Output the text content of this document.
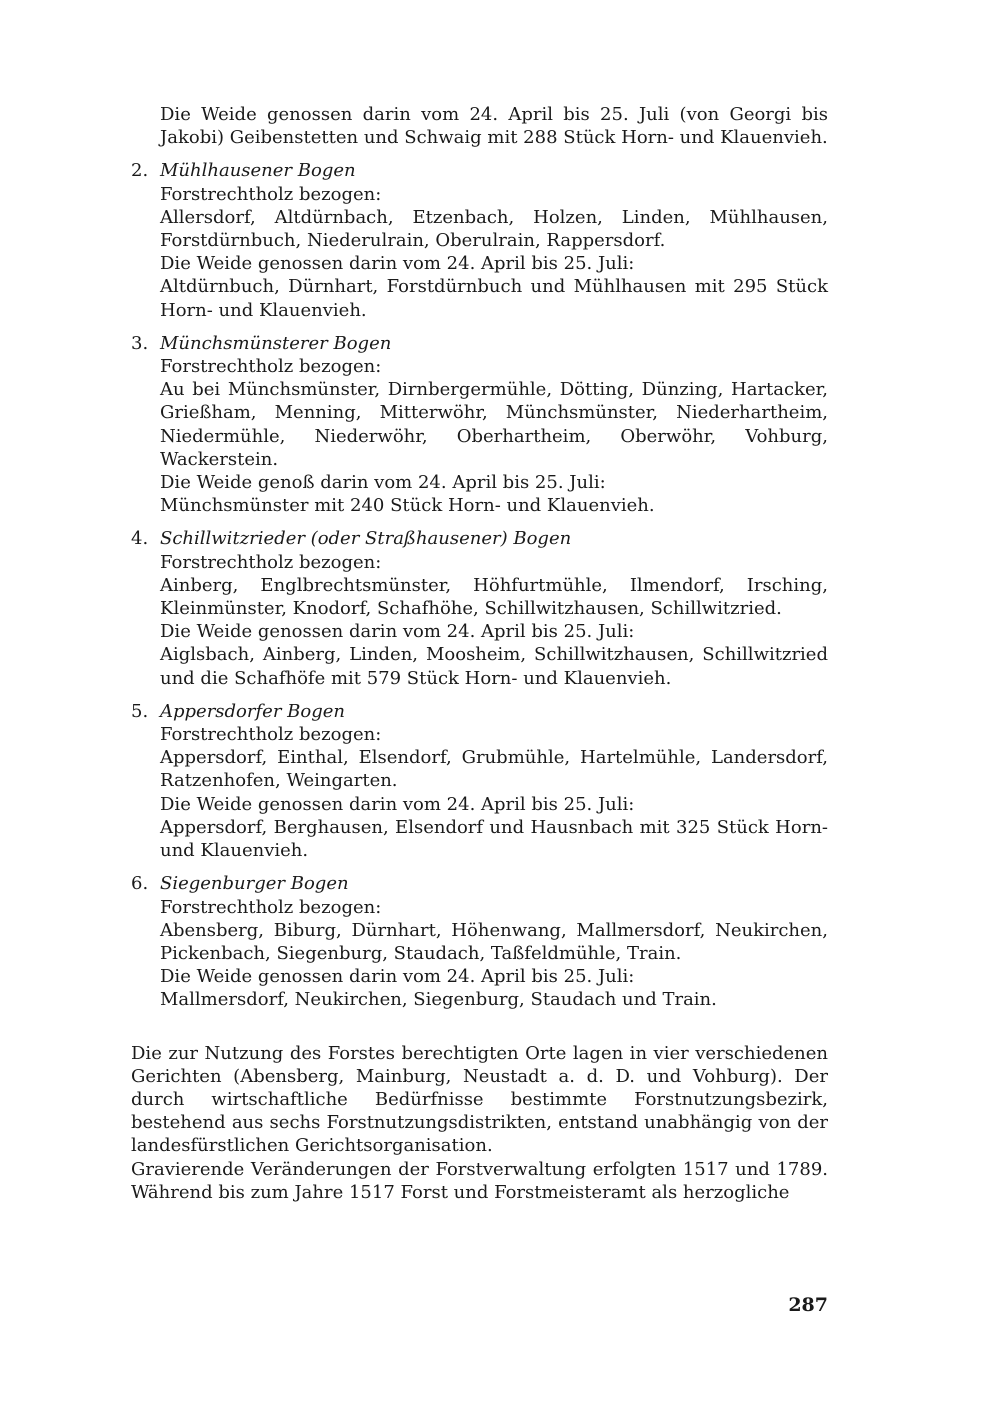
Die Weide genossen darin vom 24. April bis 25. Juli (von Georgi bis Jakobi) Geibenstetten und Schwaig mit 288 Stück Horn- und Klauenvieh.

2. Mühlhausener Bogen

Forstrechtholz bezogen:

Allersdorf, Altdürnbach, Etzenbach, Holzen, Linden, Mühlhausen, Forstdürnbuch, Niederulrain, Oberulrain, Rappersdorf.

Die Weide genossen darin vom 24. April bis 25. Juli:

Altdürnbuch, Dürnhart, Forstdürnbuch und Mühlhausen mit 295 Stück Horn- und Klauenvieh.

3. Münchsmünsterer Bogen

Forstrechtholz bezogen:

Au bei Münchsmünster, Dirnbergermühle, Dötting, Dünzing, Hartacker, Grießham, Menning, Mitterwöhr, Münchsmünster, Niederhartheim, Niedermühle, Niederwöhr, Oberhartheim, Oberwöhr, Vohburg, Wackerstein.

Die Weide genoß darin vom 24. April bis 25. Juli:

Münchsmünster mit 240 Stück Horn- und Klauenvieh.

4. Schillwitzrieder (oder Straßhausener) Bogen

Forstrechtholz bezogen:

Ainberg, Englbrechtsmünster, Höhfurtmühle, Ilmendorf, Irsching, Kleinmünster, Knodorf, Schafhöhe, Schillwitzhausen, Schillwitzried.

Die Weide genossen darin vom 24. April bis 25. Juli:

Aiglsbach, Ainberg, Linden, Moosheim, Schillwitzhausen, Schillwitzried und die Schafhöfe mit 579 Stück Horn- und Klauenvieh.

5. Appersdorfer Bogen

Forstrechtholz bezogen:

Appersdorf, Einthal, Elsendorf, Grubmühle, Hartelmühle, Landersdorf, Ratzenhofen, Weingarten.

Die Weide genossen darin vom 24. April bis 25. Juli:

Appersdorf, Berghausen, Elsendorf und Hausnbach mit 325 Stück Horn- und Klauenvieh.

6. Siegenburger Bogen

Forstrechtholz bezogen:

Abensberg, Biburg, Dürnhart, Höhenwang, Mallmersdorf, Neukirchen, Pickenbach, Siegenburg, Staudach, Taßfeldmühle, Train.

Die Weide genossen darin vom 24. April bis 25. Juli:

Mallmersdorf, Neukirchen, Siegenburg, Staudach und Train.

Die zur Nutzung des Forstes berechtigten Orte lagen in vier verschiedenen Gerichten (Abensberg, Mainburg, Neustadt a. d. D. und Vohburg). Der durch wirtschaftliche Bedürfnisse bestimmte Forstnutzungsbezirk, bestehend aus sechs Forstnutzungsdistrikten, entstand unabhängig von der landesfürstlichen Gerichtsorganisation.

Gravierende Veränderungen der Forstverwaltung erfolgten 1517 und 1789. Während bis zum Jahre 1517 Forst und Forstmeisteramt als herzogliche

287
